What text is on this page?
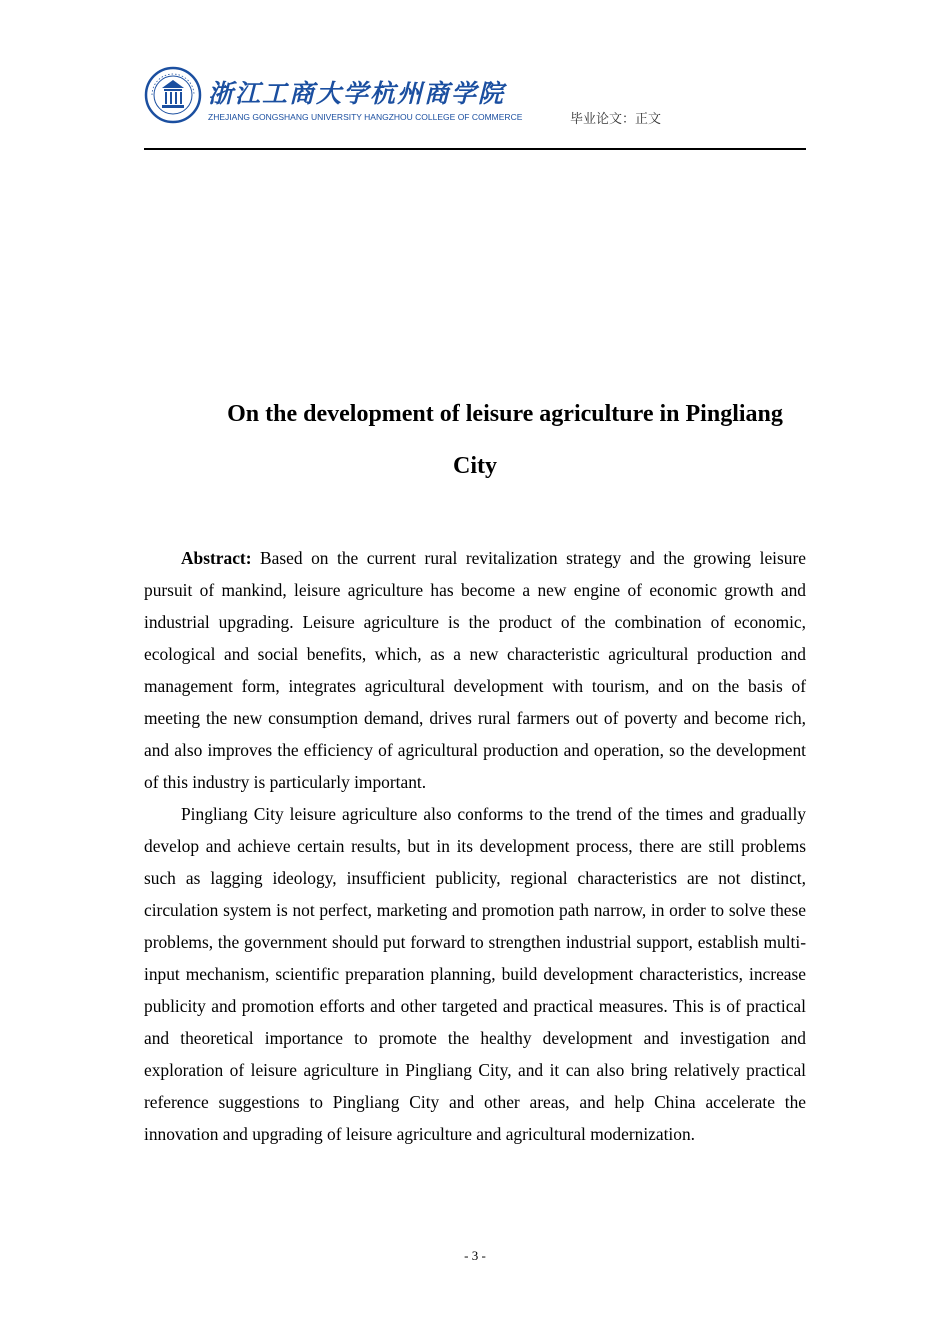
浙江工商大学杭州商学院
ZHEJIANG GONGSHANG UNIVERSITY HANGZHOU COLLEGE OF COMMERCE	毕业论文：正文
On the development of leisure agriculture in Pingliang
City

Abstract: Based on the current rural revitalization strategy and the growing leisure pursuit of mankind, leisure agriculture has become a new engine of economic growth and industrial upgrading. Leisure agriculture is the product of the combination of economic, ecological and social benefits, which, as a new characteristic agricultural production and management form, integrates agricultural development with tourism, and on the basis of meeting the new consumption demand, drives rural farmers out of poverty and become rich, and also improves the efficiency of agricultural production and operation, so the development of this industry is particularly important.

Pingliang City leisure agriculture also conforms to the trend of the times and gradually develop and achieve certain results, but in its development process, there are still problems such as lagging ideology, insufficient publicity, regional characteristics are not distinct, circulation system is not perfect, marketing and promotion path narrow, in order to solve these problems, the government should put forward to strengthen industrial support, establish multi-input mechanism, scientific preparation planning, build development characteristics, increase publicity and promotion efforts and other targeted and practical measures. This is of practical and theoretical importance to promote the healthy development and investigation and exploration of leisure agriculture in Pingliang City, and it can also bring relatively practical reference suggestions to Pingliang City and other areas, and help China accelerate the innovation and upgrading of leisure agriculture and agricultural modernization.

- 3 -
